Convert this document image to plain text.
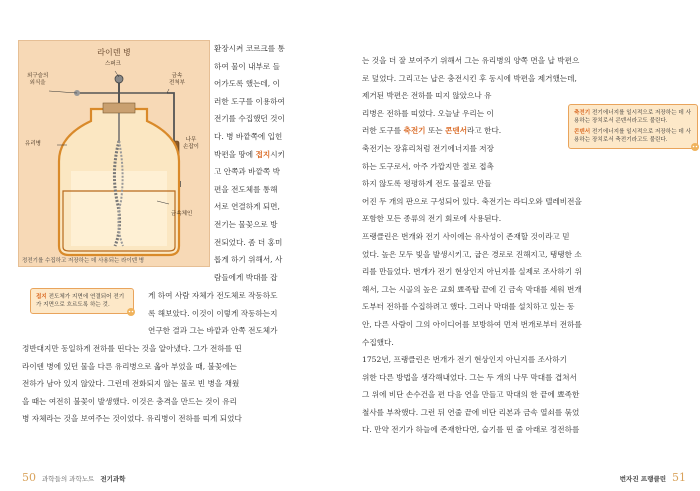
라이덴 병
외구슬의
외식을
스퍼크
금속
전척부
나무
손잡이
유리병
금속체인
정전기를 수집하고 저장하는 데 사용되는 라이덴 병
환장시켜 코르크를 통
하여 물이 내부로 들
어가도록 했는데, 이
러한 도구를 이용하여
전기를 수집했던 것이
다. 병 바깥쪽에 입힌
박편을 땅에 접지시키
고 안쪽과 바깥쪽 박
편을 전도체를 통해
서로 연결하게 되면,
전기는 물꽃으로 방
전되었다. 좀 더 홍미
롭게 하기 위해서, 사
람들에게 박대를 잡
접지 전도체가 지면에 연결되어 전기가 지면으로 흐르도록 하는 것.
게 하여 사람 자체가 전도체로 작동하도
록 해보았다. 이것이 이렇게 작동하는지
연구한 결과 그는 바깥과 안쪽 전도체가
정반대지만 동일하게 전하를 띤다는 것을 알아냈다. 그가 전하를 띤
라이덴 병에 있던 물을 다른 유리병으로 옮아 부었을 때, 불꽃에는
전하가 남아 있지 않았다. 그런데 전화되지 않는 물로 빈 병을 채웠
을 때는 여전히 불꽃이 발생했다. 이것은 충격을 만드는 것이 유리
병 자체라는 것을 보여주는 것이었다. 유리병이 전하를 띠게 되었다
50 과학들의 과학노트 전기과학
는 것을 더 잘 보여주기 위해서 그는 유리병의 양쪽 면을 납 박편으
로 덮었다. 그리고는 납은 충전시킨 후 동시에 박편을 제거했는데,
제거된 박편은 전하를 띠지 않았으나 유
리병은 전하를 띠었다. 오늘날 우리는 이
러한 도구를 축전기 또는 콘덴서라고 한다.
축전기는 장휴리처럼 전기에너지를 저장
하는 도구로서, 아주 가깝지만 절로 접촉
하지 않도록 평평하게 전도 물질로 만들
어진 두 개의 판으로 구성되어 있다. 축전기는 라디오와 텔레비전을
포함한 모든 종류의 전기 회로에 사용된다.
프랭클린은 번개와 전기 사이에는 유사성이 존재할 것이라고 믿
었다. 높은 모두 빛을 발생시키고, 굽은 경로로 진해지고, 탱탱한 소
리를 만들었다. 번개가 전기 현상인지 아닌지를 실제로 조사하기 위
해서, 그는 시골의 높은 교회 뾰족탑 끝에 긴 금속 막대를 세워 번개
도부터 전하를 수집하려고 했다. 그러나 막대를 설치하고 있는 동
안, 다른 사람이 그의 아이디어를 보방하여 먼저 번개로부터 전하를
수집했다.
1752년, 프랭클린은 번개가 전기 현상인지 아닌지를 조사하기
위한 다른 방법을 생각해내었다. 그는 두 개의 나무 막대를 겹쳐서
그 위에 비단 손수건을 편 다음 연을 만들고 막대의 한 끝에 뾰족한
철사를 부착했다. 그런 뒤 연줄 끝에 비단 리본과 금속 열쇠를 묶었
다. 만약 전기가 하늘에 존재한다면, 습기를 띤 줄 아래로 정전하를
축전기 전기에너지를 일시적으로 저장하는 데 사용하는 장치로서 콘덴서라고도 불린다.
콘덴서 전기에너지를 일시적으로 저장하는 데 사용하는 장치로서 축전기라고도 불린다.
번자진 프랭클린 51
